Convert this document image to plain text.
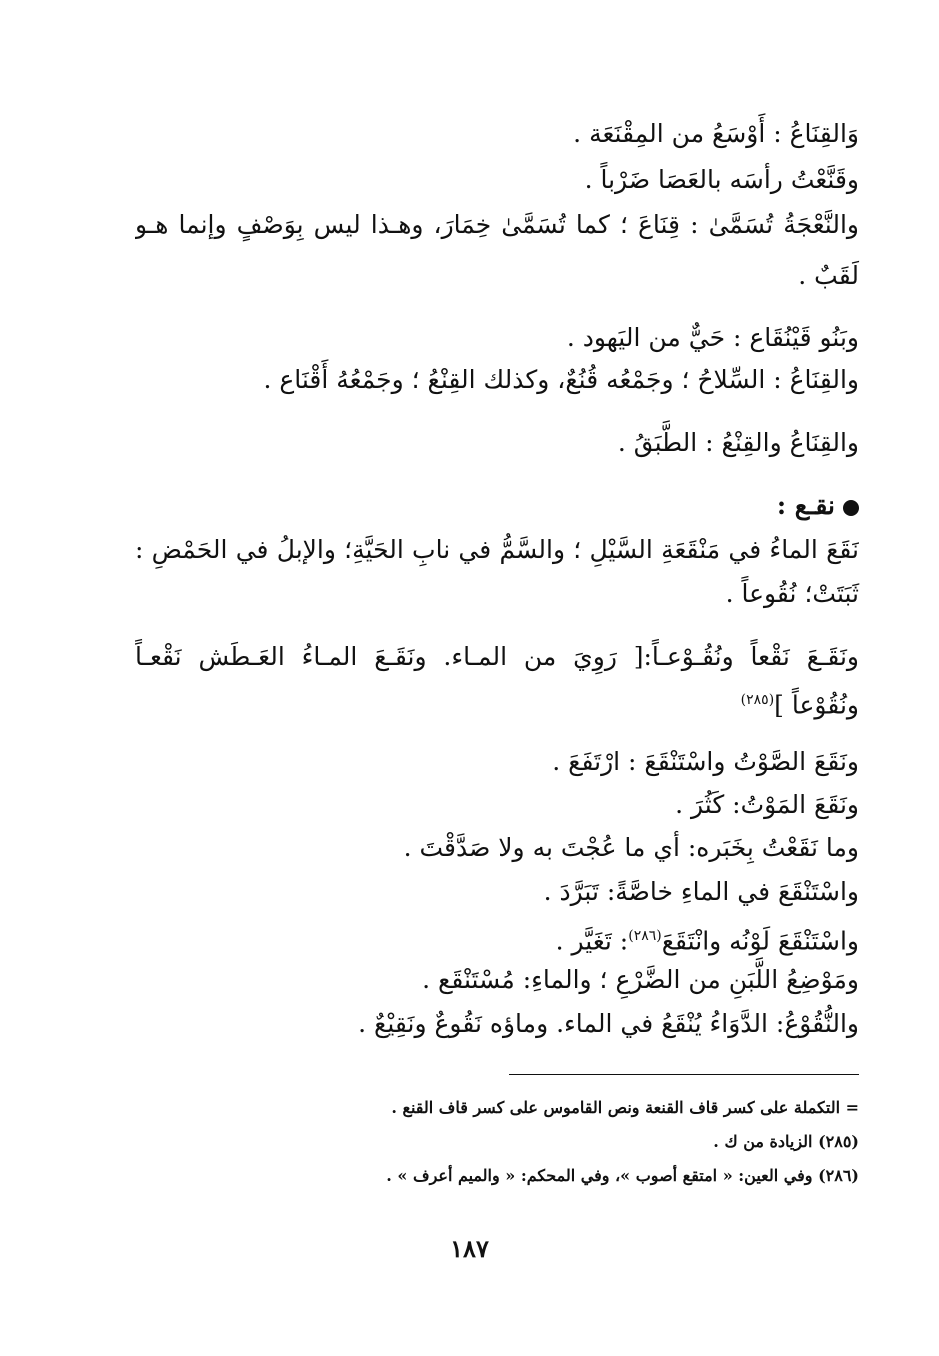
وَالقِنَاعُ : أَوْسَعُ من المِقْنَعَة .
وقَنَّعْتُ رأسَه بالعَصَا ضَرْباً .
والنَّعْجَةُ تُسَمَّىٰ : قِنَاعَ ؛ كما تُسَمَّىٰ خِمَارَ، وهـذا ليس بِوَصْفٍ وإنما هـو
لَقَبٌ .
وبَنُو قَيْنُقَاع : حَيٌّ من اليَهود .
والقِنَاعُ : السِّلاحُ ؛ وجَمْعُه قُنُعٌ، وكذلك القِنْعُ ؛ وجَمْعُهُ أَقْنَاع .
والقِنَاعُ والقِنْعُ : الطَّبَقُ .
نقـع :
نَقَعَ الماءُ في مَنْقَعَةِ السَّيْلِ ؛ والسَّمُّ في نابِ الحَيَّةِ؛ والإبلُ في الحَمْضِ :
ثَبَتَتْ؛ نُقُوعاً .
ونَقَـعَ نَقْعاً ونُقُـوْعـاً:[ رَوِيَ من المـاء. ونَقَـعَ المـاءُ العَـطَش نَقْعـاً
ونُقُوْعاً ]$^{(٢٨٥)}$
ونَقَعَ الصَّوْتُ واسْتَنْقَعَ : ارْتَفَعَ .
ونَقَعَ المَوْتُ: كَثُرَ .
وما نَقَعْتُ بِخَبَره: أي ما عُجْتَ به ولا صَدَّقْتَ .
واسْتَنْقَعَ في الماءِ خاصَّةً: تَبَرَّدَ .
واسْتَنْقَعَ لَوْنُه وانْتَقَعَ$^{(٢٨٦)}$: تَغَيَّر .
ومَوْضِعُ اللَّبَنِ من الضَّرْعِ ؛ والماءِ: مُسْتَنْقَع .
والنُّقُوْعُ: الدَّوَاءُ يُنْقَعُ في الماء. وماؤه نَقُوعٌ ونَقِيْعٌ .
= التكملة على كسر قاف القنعة ونص القاموس على كسر قاف القنع .
(٢٨٥) الزيادة من ك .
(٢٨٦) وفي العين: « امتقع أصوب »، وفي المحكم: « والميم أعرف » .
١٨٧
